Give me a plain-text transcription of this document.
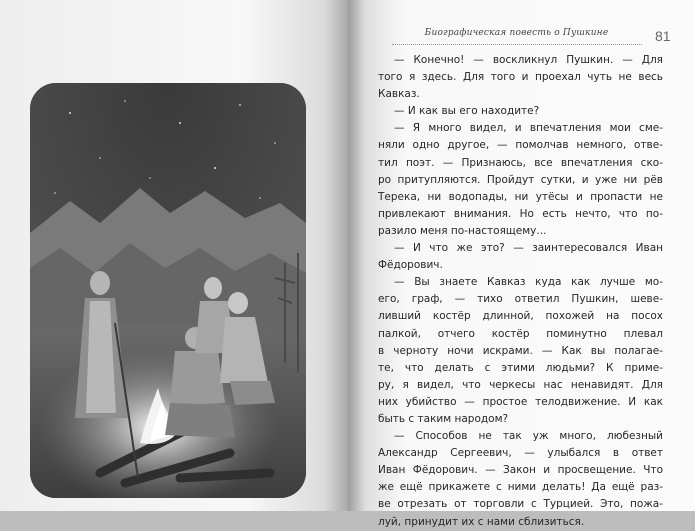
Биографическая повесть о Пушкине	81
— Конечно! — воскликнул Пушкин. — Для
того я здесь. Для того и проехал чуть не весь
Кавказ.
— И как вы его находите?
— Я много видел, и впечатления мои сме-
няли одно другое, — помолчав немного, отве-
тил поэт. — Признаюсь, все впечатления ско-
ро притупляются. Пройдут сутки, и уже ни рёв
Терека, ни водопады, ни утёсы и пропасти не
привлекают внимания. Но есть нечто, что по-
разило меня по-настоящему...
— И что же это? — заинтересовался Иван
Фёдорович.
— Вы знаете Кавказ куда как лучше мо-
его, граф, — тихо ответил Пушкин, шеве-
ливший костёр длинной, похожей на посох
палкой, отчего костёр поминутно плевал
в черноту ночи искрами. — Как вы полагае-
те, что делать с этими людьми? К приме-
ру, я видел, что черкесы нас ненавидят. Для
них убийство — простое телодвижение. И как
быть с таким народом?
— Способов не так уж много, любезный
Александр Сергеевич, — улыбался в ответ
Иван Фёдорович. — Закон и просвещение. Что
же ещё прикажете с ними делать! Да ещё раз-
ве отрезать от торговли с Турцией. Это, пожа-
луй, принудит их с нами сблизиться.
